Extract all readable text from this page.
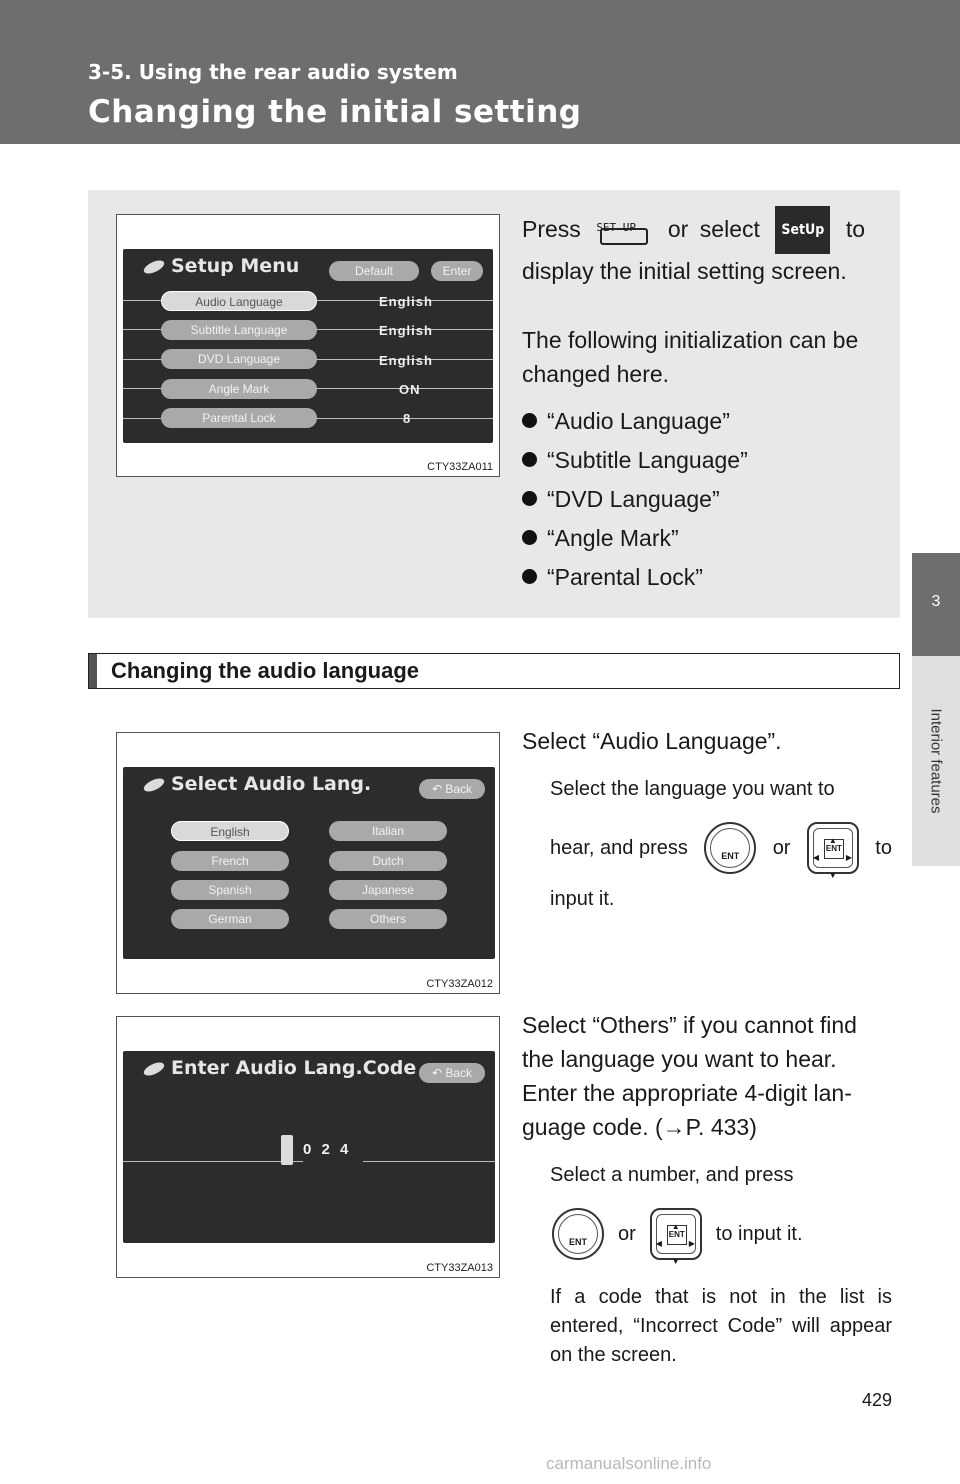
3-5. Using the rear audio system
Changing the initial setting
3
Interior features
Setup Menu	Default	Enter
Audio Language	English
Subtitle Language	English
DVD Language	English
Angle Mark	ON
Parental Lock	8
CTY33ZA011
Press SET UP	or select SetUp to display the initial setting screen.
The following initialization can be changed here.
“Audio Language”
“Subtitle Language”
“DVD Language”
“Angle Mark”
“Parental Lock”
Changing the audio language
Select Audio Lang.	↶ Back
English	Italian
French	Dutch
Spanish	Japanese
German	Others
CTY33ZA012
Select “Audio Language”.
Select the language you want to
hear, and press	ENT	or	ENT
▲
▼
◀	▶ to
input it.
Enter Audio Lang.Code	↶ Back
0 2 4
CTY33ZA013
Select “Others” if you cannot find
the language you want to hear.
Enter the appropriate 4-digit lan-
guage code. (→P. 433)
Select a number, and press
ENT	or	ENT
▲
▼
◀	▶ to input it.
If a code that is not in the list is entered, “Incorrect Code” will appear on the screen.
429
carmanualsonline.info
